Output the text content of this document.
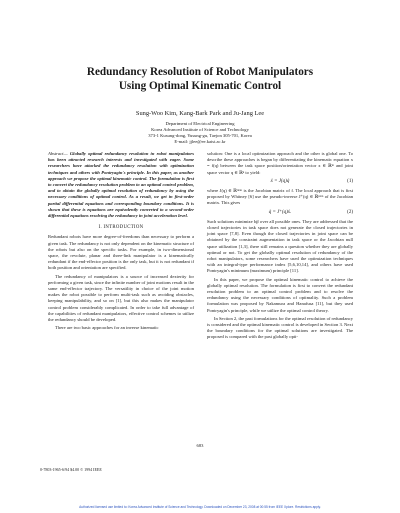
Redundancy Resolution of Robot Manipulators
Using Optimal Kinematic Control
Sung-Woo Kim, Kang-Bark Park and Ju-Jang Lee
Department of Electrical Engineering
Korea Advanced Institute of Science and Technology
373-1 Kusung-dong, Yusung-gu, Taejon 305-701, Korea
E-mail: jjlee@ee.kaist.ac.kr

Abstract— Globally optimal redundancy resolution in robot manipulators has been attracted research interests and investigated with eager. Some researchers have attacked the redundancy resolution with optimization techniques and others with Pontryagin's principle. In this paper, as another approach we propose the optimal kinematic control. The formulation is first to convert the redundancy resolution problem to an optimal control problem, and to obtain the globally optimal resolution of redundancy by using the necessary conditions of optimal control. As a result, we get in first-order partial differential equations and corresponding boundary conditions. It is shown that these is equations are equivalently converted to a second-order differential equations resolving the redundancy in joint acceleration level.

I. INTRODUCTION

Redundant robots have more degree-of-freedoms than necessary to perform a given task. The redundancy is not only dependent on the kinematic structure of the robots but also on the specific tasks. For example, in two-dimensional space, the revolute, planar and three-link manipulator is a kinematically redundant if the end-effector position is the only task, but it is not redundant if both position and orientation are specified.

The redundancy of manipulators is a source of increased dexterity for performing a given task, since the infinite number of joint motions result in the same end-effector trajectory. The versatility in choice of the joint motion makes the robot possible to perform multi-task such as avoiding obstacles, keeping manipulability, and so on [1], but this also makes the manipulator control problem considerably complicated. In order to take full advantage of the capabilities of redundant manipulators, effective control schemes to utilize the redundancy should be developed.

There are two basic approaches for an inverse kinematic

solution: One is a local optimization approach and the other is global one. To describe these approaches is began by differentiating the kinematic equation x = f(q) between the task space position/orientation vector x ∈ ℝᵐ and joint space vector q ∈ ℝⁿ to yield:

ẋ = J(q)q̇	(1)

where J(q) ∈ ℝᵐˣⁿ is the Jacobian matrix of f. The local approach that is first proposed by Whitney [6] use the pseudo-inverse J⁺(q) ∈ ℝⁿˣᵐ of the Jacobian matrix. This gives

q̇ = J⁺(q)ẋ.	(2)

Such solutions minimize ‖q̇‖ over all possible ones. They are addressed that the closed trajectories in task space does not generate the closed trajectories in joint space [7,8]. Even though the closed trajectories in joint space can be obtained by the constraint augmentation in task space or the Jacobian null space utilization [1,3], there still remains a question whether they are globally optimal or not. To get the globally optimal resolution of redundancy of the robot manipulators, some researchers have used the optimization techniques with an integral-type performance index [5,6,10,14], and others have used Pontryagin's minimum (maximum) principle [11].

In this paper, we propose the optimal kinematic control to achieve the globally optimal resolution. The formulation is first to convert the redundant resolution problem to an optimal control problem and to resolve the redundancy using the necessary conditions of optimality. Such a problem formulation was proposed by Nakamura and Hanafusa [11], but they used Pontryagin's principle, while we utilize the optimal control theory.

In Section 2, the past formulations for the optimal resolution of redundancy is considered and the optimal kinematic control is developed in Section 3. Next the boundary conditions for the optimal solutions are investigated. The proposed is compared with the past globally opti-

683
0-7803-1965-6/94 $4.00 © 1994 IEEE
Authorized licensed use limited to: Korea Advanced Institute of Science and Technology. Downloaded on December 23, 2008 at 00:55 from IEEE Xplore. Restrictions apply.
